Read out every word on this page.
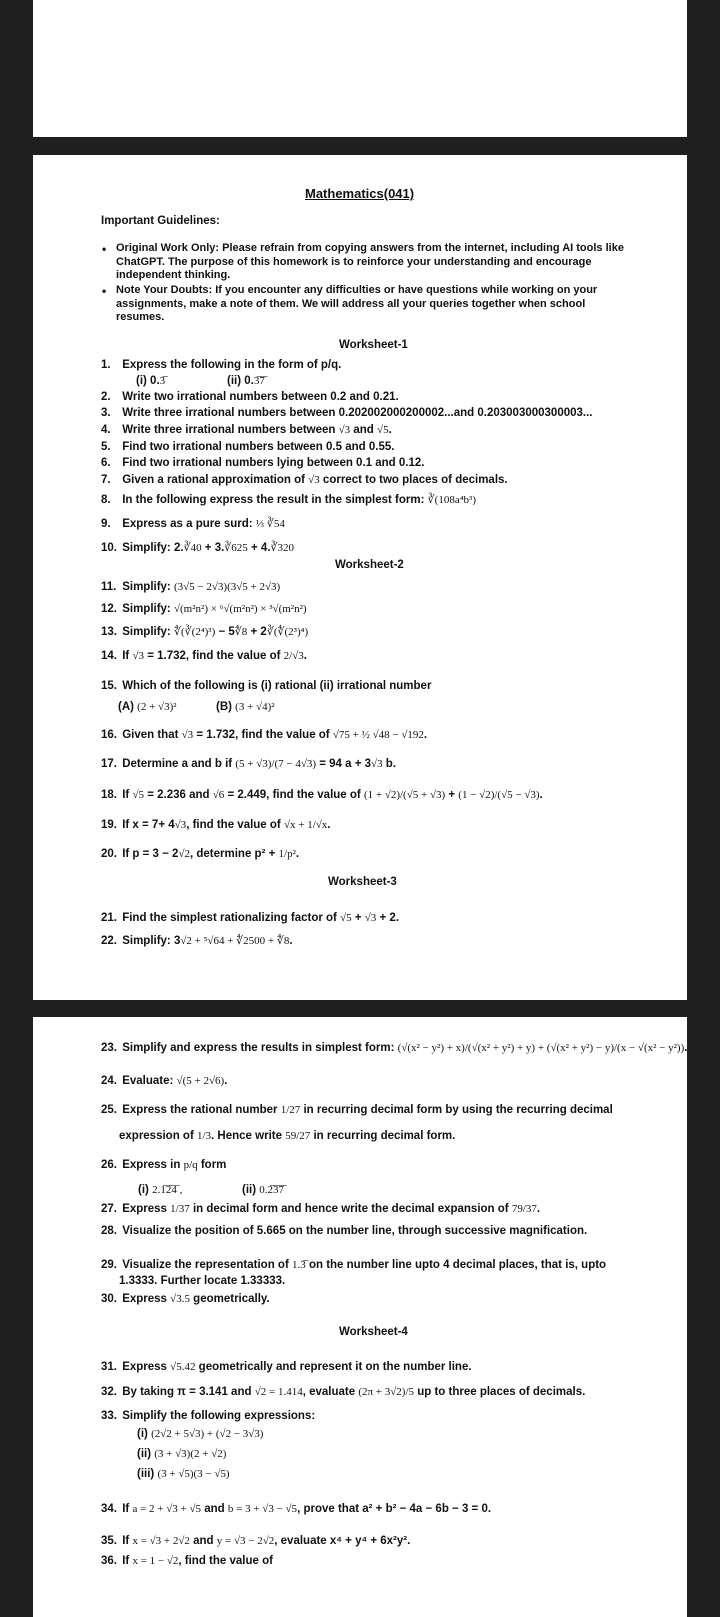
Mathematics(041)

Important Guidelines:

• Original Work Only: Please refrain from copying answers from the internet, including AI tools like ChatGPT. The purpose of this homework is to reinforce your understanding and encourage independent thinking.

• Note Your Doubts: If you encounter any difficulties or have questions while working on your assignments, make a note of them. We will address all your queries together when school resumes.

Worksheet-1

1. Express the following in the form of p/q.

(i) 0.3̅	(ii) 0.3̅7̅

2. Write two irrational numbers between 0.2 and 0.21.

3. Write three irrational numbers between 0.202002000200002...and 0.203003000300003...

4. Write three irrational numbers between √3 and √5.

5. Find two irrational numbers between 0.5 and 0.55.

6. Find two irrational numbers lying between 0.1 and 0.12.

7. Given a rational approximation of √3 correct to two places of decimals.

8. In the following express the result in the simplest form: ∛(108a⁴b³)

9. Express as a pure surd: ⅓ ∛54

10. Simplify: 2.∛40 + 3.∛625 + 4.∛320

Worksheet-2

11. Simplify: (3√5 − 2√3)(3√5 + 2√3)

12. Simplify: √(m²n²) × ⁶√(m²n²) × ³√(m²n²)

13. Simplify: ∜(∛(2⁴)³) − 5∜8 + 2∛(∜(2³)⁴)

14. If √3 = 1.732, find the value of 2/√3.

15. Which of the following is (i) rational (ii) irrational number

(A) (2 + √3)²	(B) (3 + √4)²

16. Given that √3 = 1.732, find the value of √75 + ½ √48 − √192.

17. Determine a and b if (5 + √3)/(7 − 4√3) = 94 a + 3√3 b.

18. If √5 = 2.236 and √6 = 2.449, find the value of (1 + √2)/(√5 + √3) + (1 − √2)/(√5 − √3).

19. If x = 7+ 4√3, find the value of √x + 1/√x.

20. If p = 3 − 2√2, determine p² + 1/p².

Worksheet-3

21. Find the simplest rationalizing factor of √5 + √3 + 2.

22. Simplify: 3√2 + ⁵√64 + ∜2500 + ∜8.

23. Simplify and express the results in simplest form: (√(x² − y²) + x)/(√(x² + y²) + y) + (√(x² + y²) − y)/(x − √(x² − y²)).

24. Evaluate: √(5 + 2√6).

25. Express the rational number 1/27 in recurring decimal form by using the recurring decimal

expression of 1/3. Hence write 59/27 in recurring decimal form.

26. Express in p/q form

(i) 2.1̅2̅4̅ ,	(ii) 0.2̅3̅7̅

27. Express 1/37 in decimal form and hence write the decimal expansion of 79/37.

28. Visualize the position of 5.665 on the number line, through successive magnification.

29. Visualize the representation of 1.3̅ on the number line upto 4 decimal places, that is, upto

1.3333. Further locate 1.33333.

30. Express √3.5 geometrically.

Worksheet-4

31. Express √5.42 geometrically and represent it on the number line.

32. By taking π = 3.141 and √2 = 1.414, evaluate (2π + 3√2)/5 up to three places of decimals.

33. Simplify the following expressions:

(i) (2√2 + 5√3) + (√2 − 3√3)

(ii) (3 + √3)(2 + √2)

(iii) (3 + √5)(3 − √5)

34. If a = 2 + √3 + √5 and b = 3 + √3 − √5, prove that a² + b² − 4a − 6b − 3 = 0.

35. If x = √3 + 2√2 and y = √3 − 2√2, evaluate x⁴ + y⁴ + 6x²y².

36. If x = 1 − √2, find the value of
